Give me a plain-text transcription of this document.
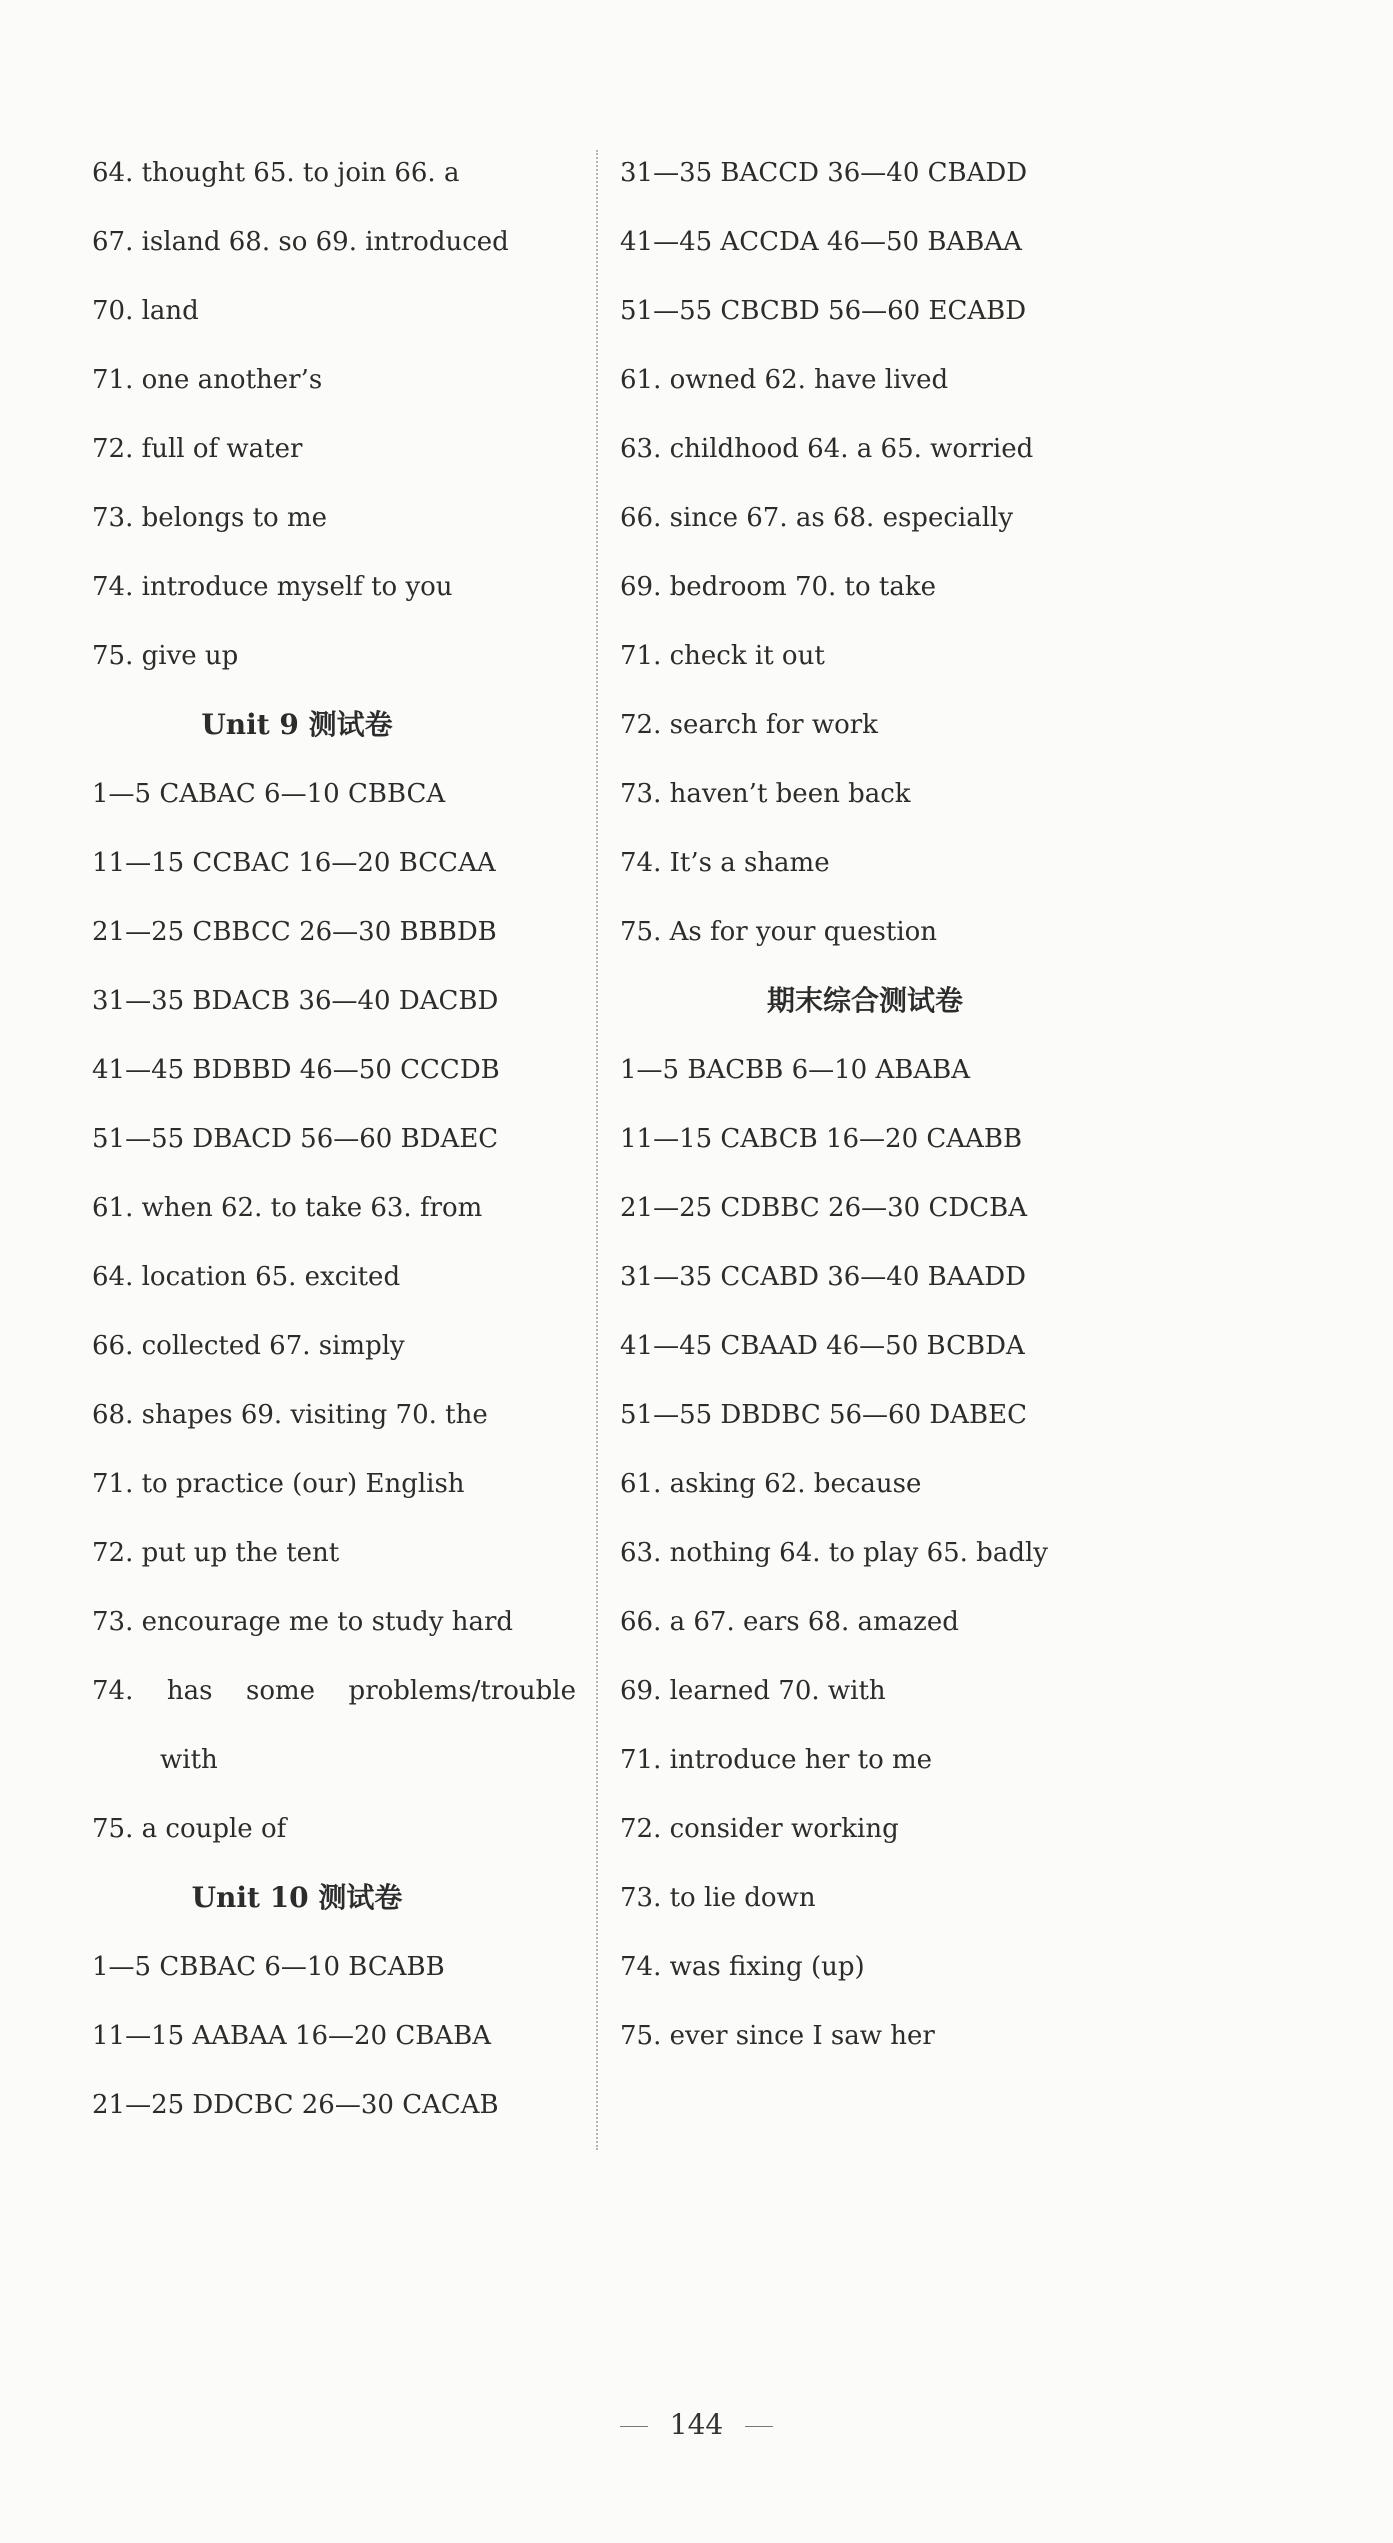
64. thought 65. to join 66. a
67. island 68. so 69. introduced
70. land
71. one another’s
72. full of water
73. belongs to me
74. introduce myself to you
75. give up
Unit 9 测试卷
1—5 CABAC 6—10 CBBCA
11—15 CCBAC 16—20 BCCAA
21—25 CBBCC 26—30 BBBDB
31—35 BDACB 36—40 DACBD
41—45 BDBBD 46—50 CCCDB
51—55 DBACD 56—60 BDAEC
61. when 62. to take 63. from
64. location 65. excited
66. collected 67. simply
68. shapes 69. visiting 70. the
71. to practice (our) English
72. put up the tent
73. encourage me to study hard
74. has some problems/trouble
with
75. a couple of
Unit 10 测试卷
1—5 CBBAC 6—10 BCABB
11—15 AABAA 16—20 CBABA
21—25 DDCBC 26—30 CACAB
31—35 BACCD 36—40 CBADD
41—45 ACCDA 46—50 BABAA
51—55 CBCBD 56—60 ECABD
61. owned 62. have lived
63. childhood 64. a 65. worried
66. since 67. as 68. especially
69. bedroom 70. to take
71. check it out
72. search for work
73. haven’t been back
74. It’s a shame
75. As for your question
期末综合测试卷
1—5 BACBB 6—10 ABABA
11—15 CABCB 16—20 CAABB
21—25 CDBBC 26—30 CDCBA
31—35 CCABD 36—40 BAADD
41—45 CBAAD 46—50 BCBDA
51—55 DBDBC 56—60 DABEC
61. asking 62. because
63. nothing 64. to play 65. badly
66. a 67. ears 68. amazed
69. learned 70. with
71. introduce her to me
72. consider working
73. to lie down
74. was fixing (up)
75. ever since I saw her
144
